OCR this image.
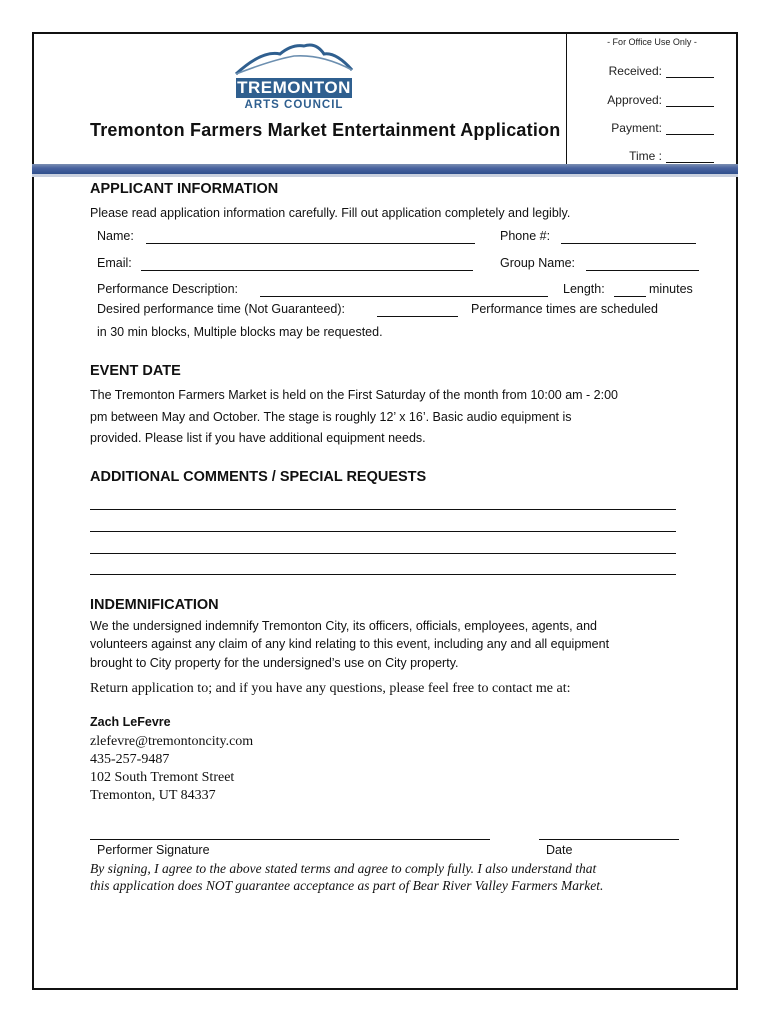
TREMONTON
ARTS COUNCIL
- For Office Use Only -
Received:
Approved:
Payment:
Time :
Tremonton Farmers Market Entertainment Application
APPLICANT INFORMATION
Please read application information carefully. Fill out application completely and legibly.
Name:	Phone #:
Email:	Group Name:
Performance Description:	Length:	minutes
Desired performance time (Not Guaranteed):	Performance times are scheduled
in 30 min blocks, Multiple blocks may be requested.
EVENT DATE
The Tremonton Farmers Market is held on the First Saturday of the month from 10:00 am - 2:00
pm between May and October. The stage is roughly 12’ x 16’. Basic audio equipment is
provided. Please list if you have additional equipment needs.
ADDITIONAL COMMENTS / SPECIAL REQUESTS
INDEMNIFICATION
We the undersigned indemnify Tremonton City, its officers, officials, employees, agents, and
volunteers against any claim of any kind relating to this event, including any and all equipment
brought to City property for the undersigned’s use on City property.
Return application to; and if you have any questions, please feel free to contact me at:
Zach LeFevre
zlefevre@tremontoncity.com
435-257-9487
102 South Tremont Street
Tremonton, UT 84337
Performer Signature	Date
By signing, I agree to the above stated terms and agree to comply fully. I also understand that
this application does NOT guarantee acceptance as part of Bear River Valley Farmers Market.
